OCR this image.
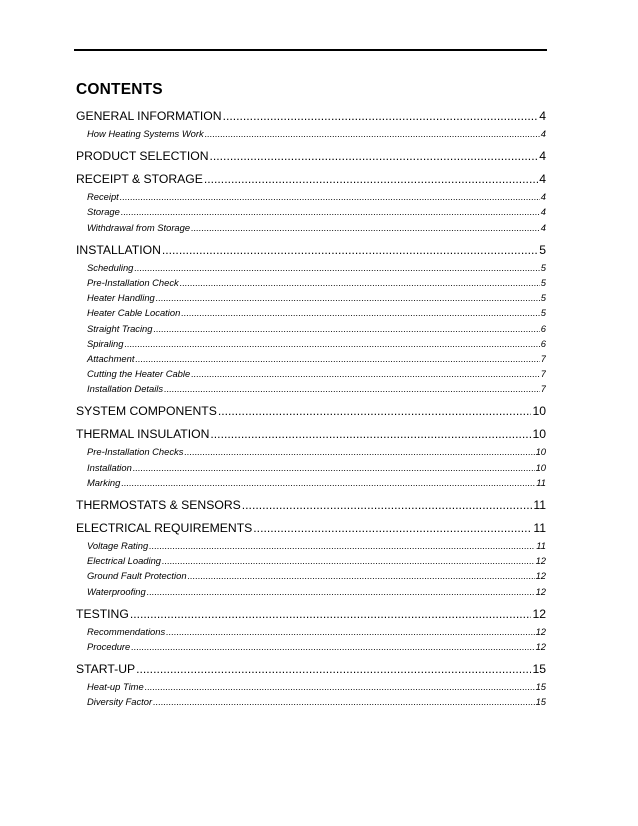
CONTENTS
GENERAL INFORMATION .....	4
How Heating Systems Work .....	4
PRODUCT SELECTION .....	4
RECEIPT & STORAGE .....	4
Receipt .....	4
Storage .....	4
Withdrawal from Storage .....	4
INSTALLATION .....	5
Scheduling .....	5
Pre-Installation Check .....	5
Heater Handling .....	5
Heater Cable Location .....	5
Straight Tracing .....	6
Spiraling .....	6
Attachment .....	7
Cutting the Heater Cable .....	7
Installation Details .....	7
SYSTEM COMPONENTS .....	10
THERMAL INSULATION .....	10
Pre-Installation Checks .....	10
Installation .....	10
Marking .....	11
THERMOSTATS & SENSORS .....	11
ELECTRICAL REQUIREMENTS .....	11
Voltage Rating .....	11
Electrical Loading .....	12
Ground Fault Protection .....	12
Waterproofing .....	12
TESTING .....	12
Recommendations .....	12
Procedure .....	12
START-UP .....	15
Heat-up Time .....	15
Diversity Factor .....	15
